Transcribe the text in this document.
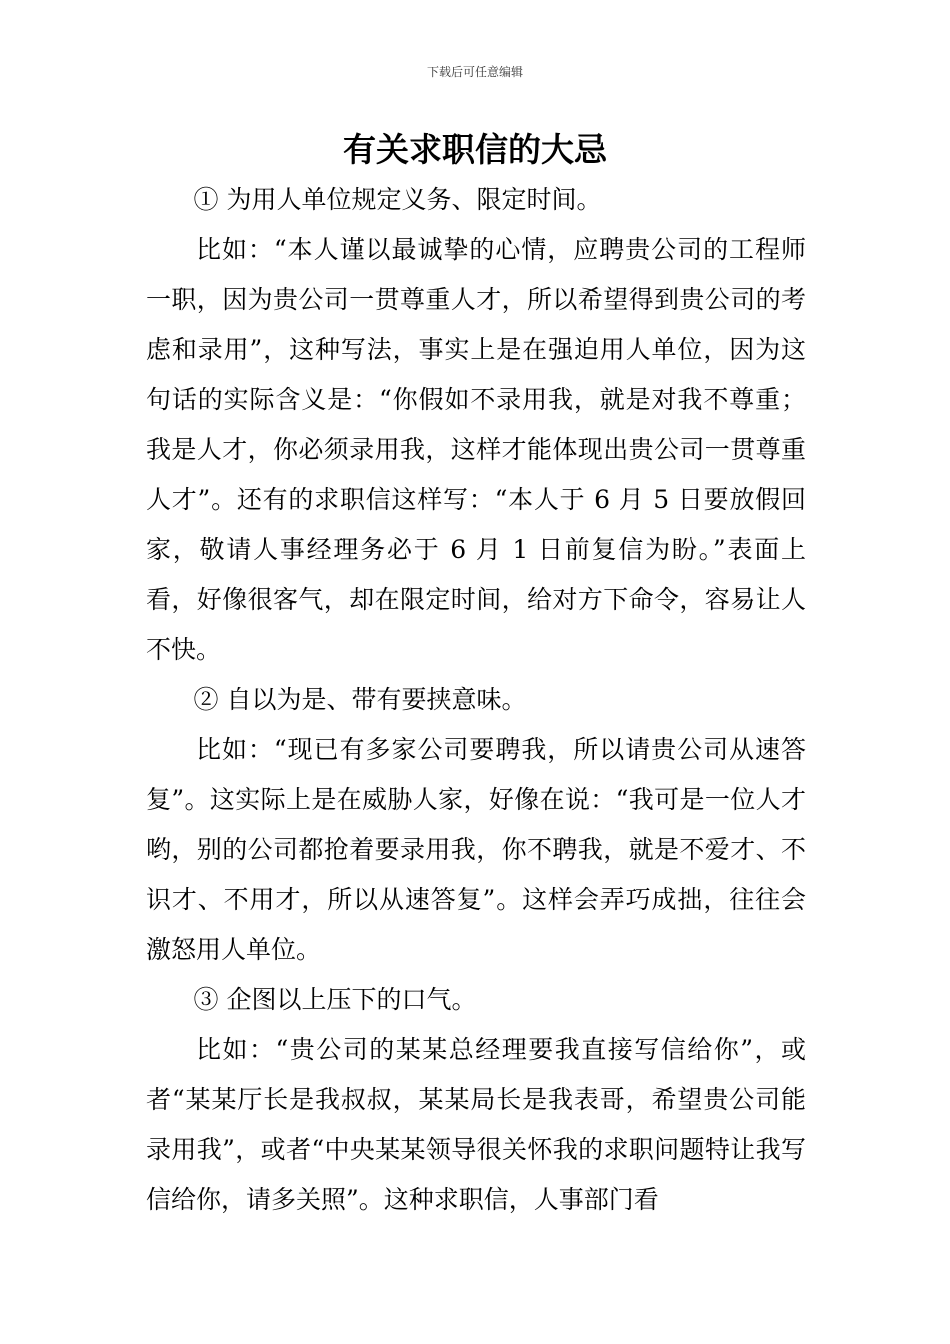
下载后可任意编辑
有关求职信的大忌

① 为用人单位规定义务、限定时间。

比如：“本人谨以最诚挚的心情，应聘贵公司的工程师一职，因为贵公司一贯尊重人才，所以希望得到贵公司的考虑和录用”，这种写法，事实上是在强迫用人单位，因为这句话的实际含义是：“你假如不录用我，就是对我不尊重；我是人才，你必须录用我，这样才能体现出贵公司一贯尊重人才”。还有的求职信这样写：“本人于 6 月 5 日要放假回家，敬请人事经理务必于 6 月 1 日前复信为盼。”表面上看，好像很客气，却在限定时间，给对方下命令，容易让人不快。

② 自以为是、带有要挟意味。

比如：“现已有多家公司要聘我，所以请贵公司从速答复”。这实际上是在威胁人家，好像在说：“我可是一位人才哟，别的公司都抢着要录用我，你不聘我，就是不爱才、不识才、不用才，所以从速答复”。这样会弄巧成拙，往往会激怒用人单位。

③ 企图以上压下的口气。

比如：“贵公司的某某总经理要我直接写信给你”，或者“某某厅长是我叔叔，某某局长是我表哥，希望贵公司能录用我”，或者“中央某某领导很关怀我的求职问题特让我写信给你，请多关照”。这种求职信，人事部门看
